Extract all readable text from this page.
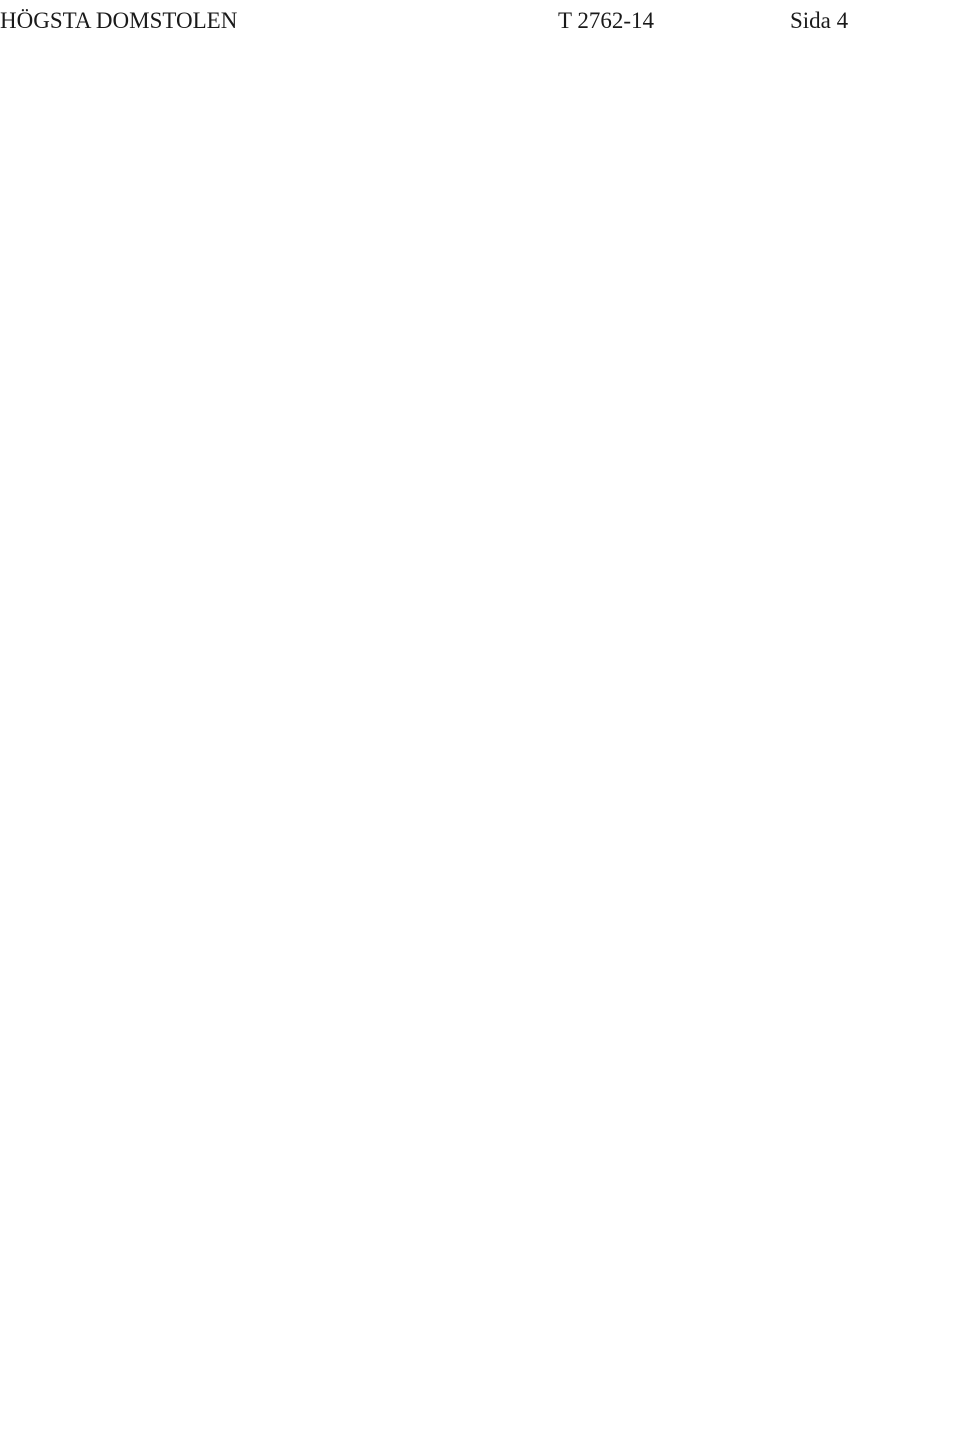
HÖGSTA DOMSTOLEN	T 2762-14	Sida 4
